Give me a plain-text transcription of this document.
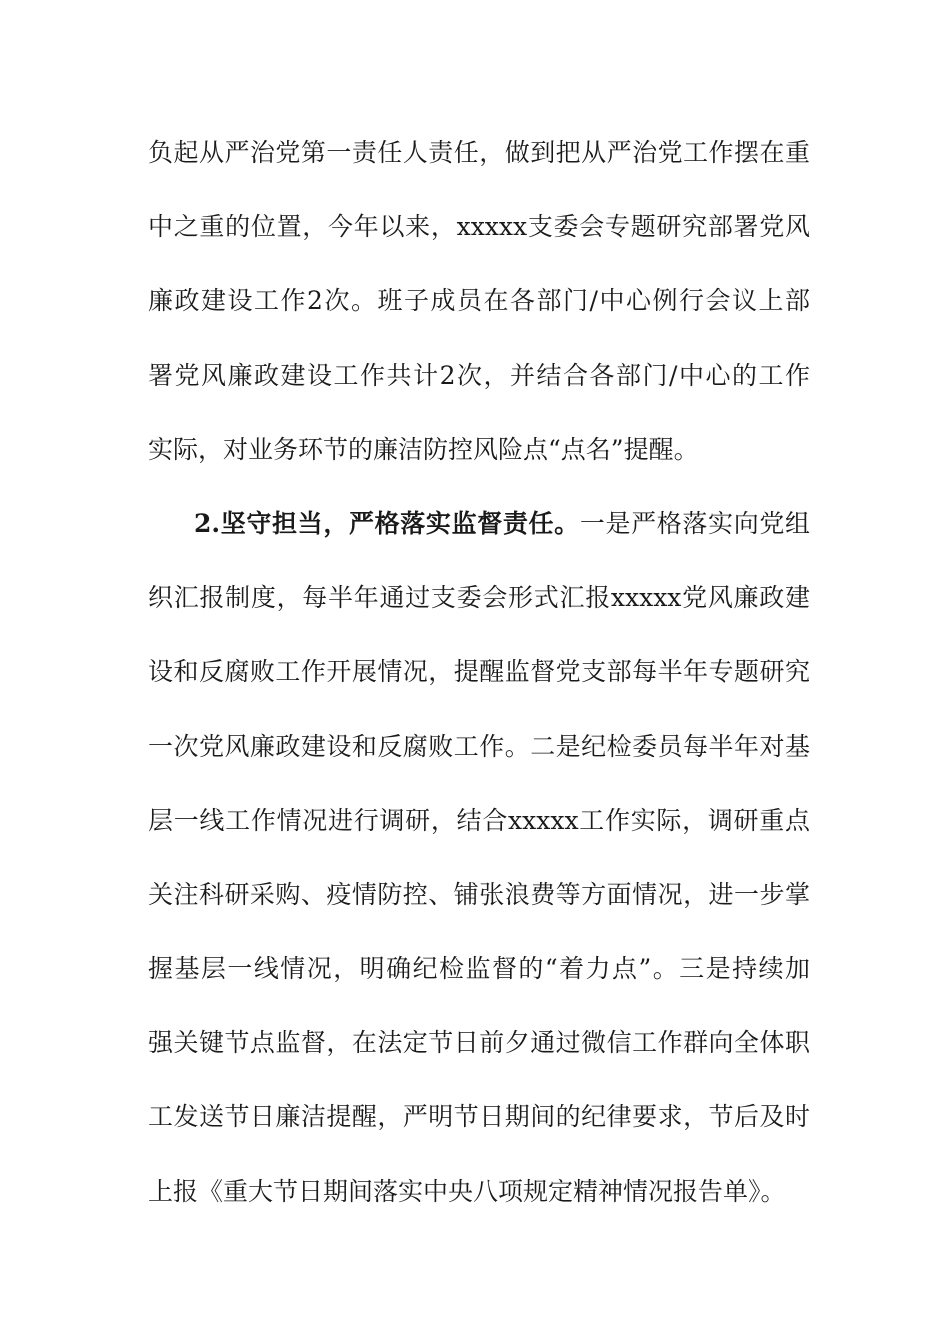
负起从严治党第一责任人责任，做到把从严治党工作摆在重
中之重的位置，今年以来，xxxxx支委会专题研究部署党风
廉政建设工作2次。班子成员在各部门/中心例行会议上部
署党风廉政建设工作共计2次，并结合各部门/中心的工作
实际，对业务环节的廉洁防控风险点“点名”提醒。
2.坚守担当，严格落实监督责任。一是严格落实向党组
织汇报制度，每半年通过支委会形式汇报xxxxx党风廉政建
设和反腐败工作开展情况，提醒监督党支部每半年专题研究
一次党风廉政建设和反腐败工作。二是纪检委员每半年对基
层一线工作情况进行调研，结合xxxxx工作实际，调研重点
关注科研采购、疫情防控、铺张浪费等方面情况，进一步掌
握基层一线情况，明确纪检监督的“着力点”。三是持续加
强关键节点监督，在法定节日前夕通过微信工作群向全体职
工发送节日廉洁提醒，严明节日期间的纪律要求，节后及时
上报《重大节日期间落实中央八项规定精神情况报告单》。
